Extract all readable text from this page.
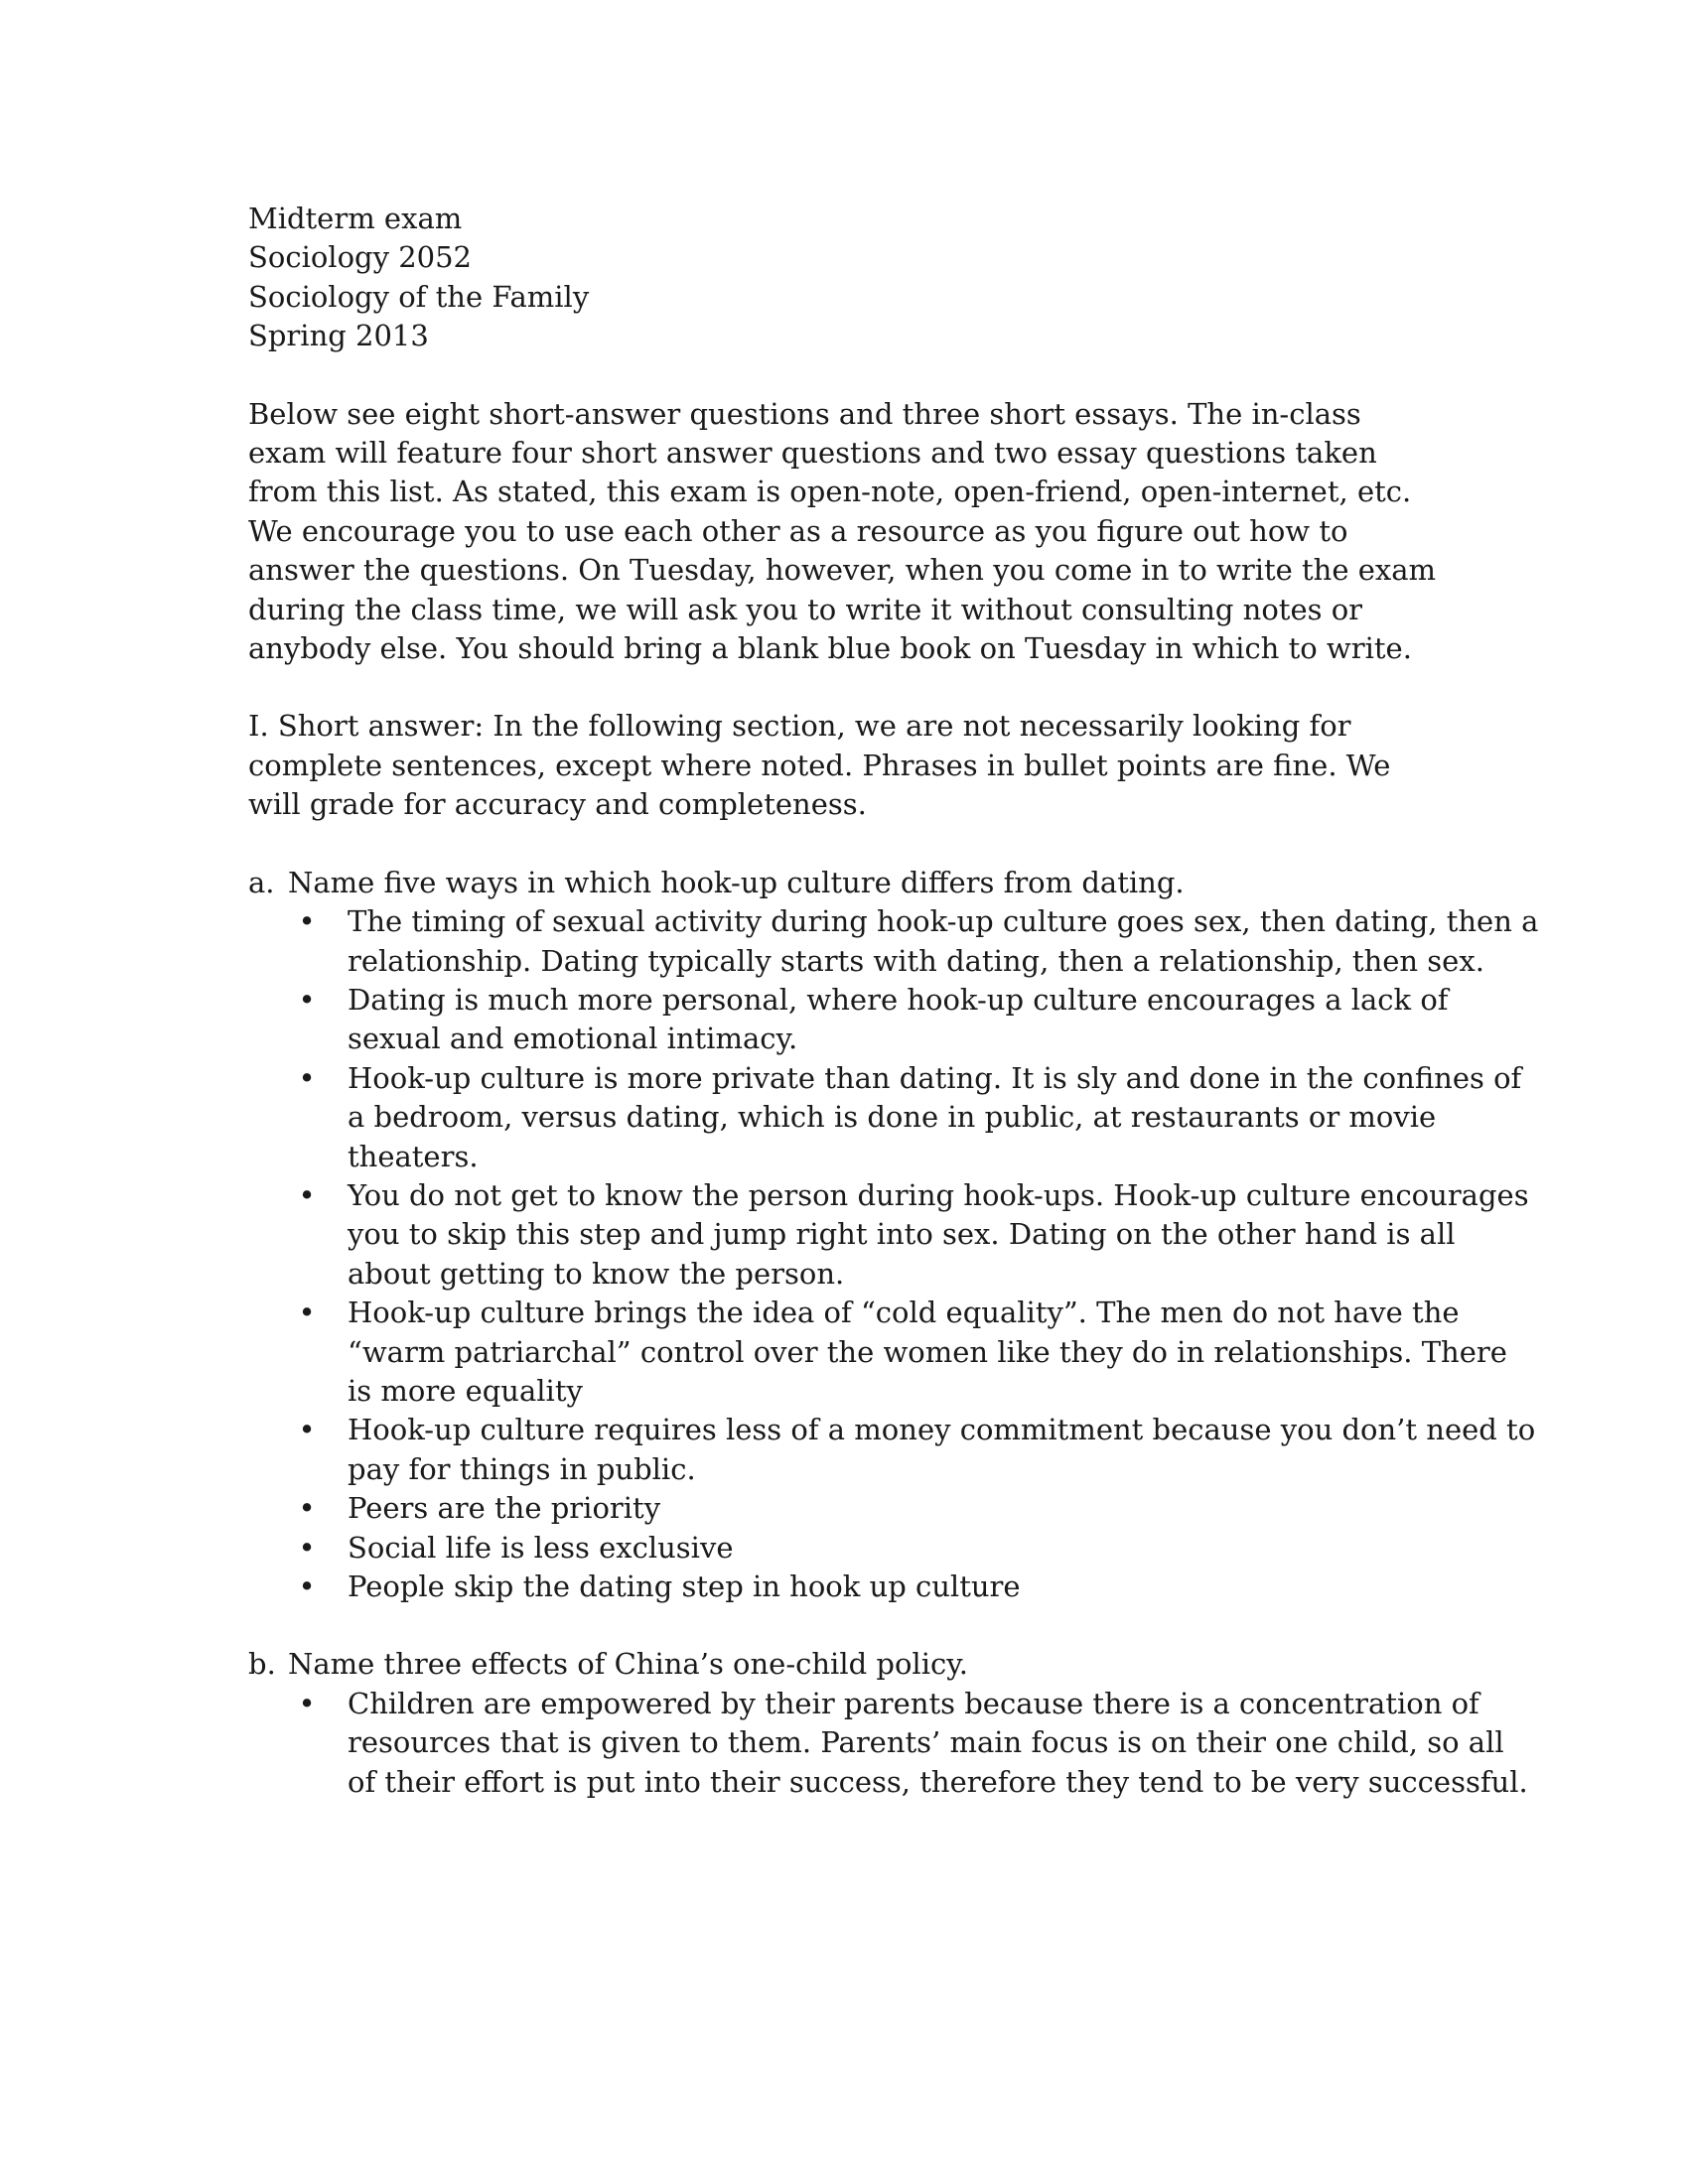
Midterm exam

Sociology 2052

Sociology of the Family

Spring 2013

Below see eight short-answer questions and three short essays. The in-class exam will feature four short answer questions and two essay questions taken from this list. As stated, this exam is open-note, open-friend, open-internet, etc. We encourage you to use each other as a resource as you figure out how to answer the questions. On Tuesday, however, when you come in to write the exam during the class time, we will ask you to write it without consulting notes or anybody else. You should bring a blank blue book on Tuesday in which to write.

I. Short answer: In the following section, we are not necessarily looking for complete sentences, except where noted. Phrases in bullet points are fine. We will grade for accuracy and completeness.

a. Name five ways in which hook-up culture differs from dating.

• The timing of sexual activity during hook-up culture goes sex, then dating, then a relationship. Dating typically starts with dating, then a relationship, then sex.
• Dating is much more personal, where hook-up culture encourages a lack of sexual and emotional intimacy.
• Hook-up culture is more private than dating. It is sly and done in the confines of a bedroom, versus dating, which is done in public, at restaurants or movie theaters.
• You do not get to know the person during hook-ups. Hook-up culture encourages you to skip this step and jump right into sex. Dating on the other hand is all about getting to know the person.
• Hook-up culture brings the idea of “cold equality”. The men do not have the “warm patriarchal” control over the women like they do in relationships. There is more equality
• Hook-up culture requires less of a money commitment because you don’t need to pay for things in public.
• Peers are the priority
• Social life is less exclusive
• People skip the dating step in hook up culture

b. Name three effects of China’s one-child policy.

• Children are empowered by their parents because there is a concentration of resources that is given to them. Parents’ main focus is on their one child, so all of their effort is put into their success, therefore they tend to be very successful.
